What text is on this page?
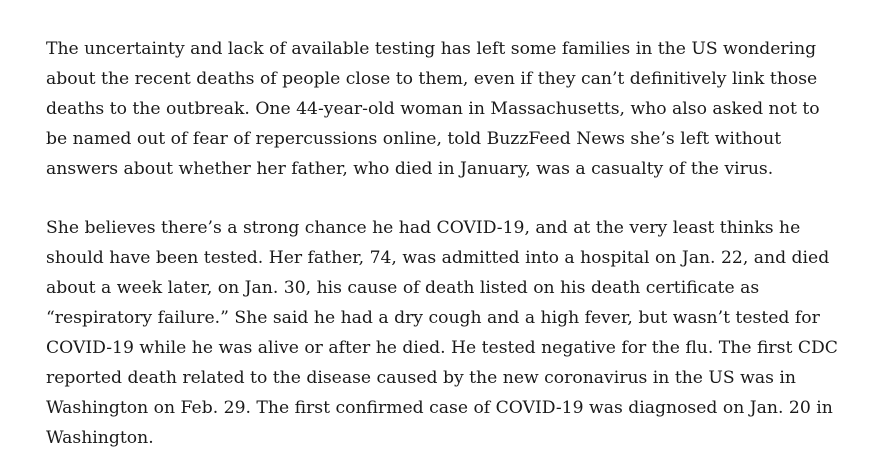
The uncertainty and lack of available testing has left some families in the US wondering
about the recent deaths of people close to them, even if they can’t definitively link those
deaths to the outbreak. One 44-year-old woman in Massachusetts, who also asked not to
be named out of fear of repercussions online, told BuzzFeed News she’s left without
answers about whether her father, who died in January, was a casualty of the virus.

She believes there’s a strong chance he had COVID-19, and at the very least thinks he
should have been tested. Her father, 74, was admitted into a hospital on Jan. 22, and died
about a week later, on Jan. 30, his cause of death listed on his death certificate as
“respiratory failure.” She said he had a dry cough and a high fever, but wasn’t tested for
COVID-19 while he was alive or after he died. He tested negative for the flu. The first CDC
reported death related to the disease caused by the new coronavirus in the US was in
Washington on Feb. 29. The first confirmed case of COVID-19 was diagnosed on Jan. 20 in
Washington.
